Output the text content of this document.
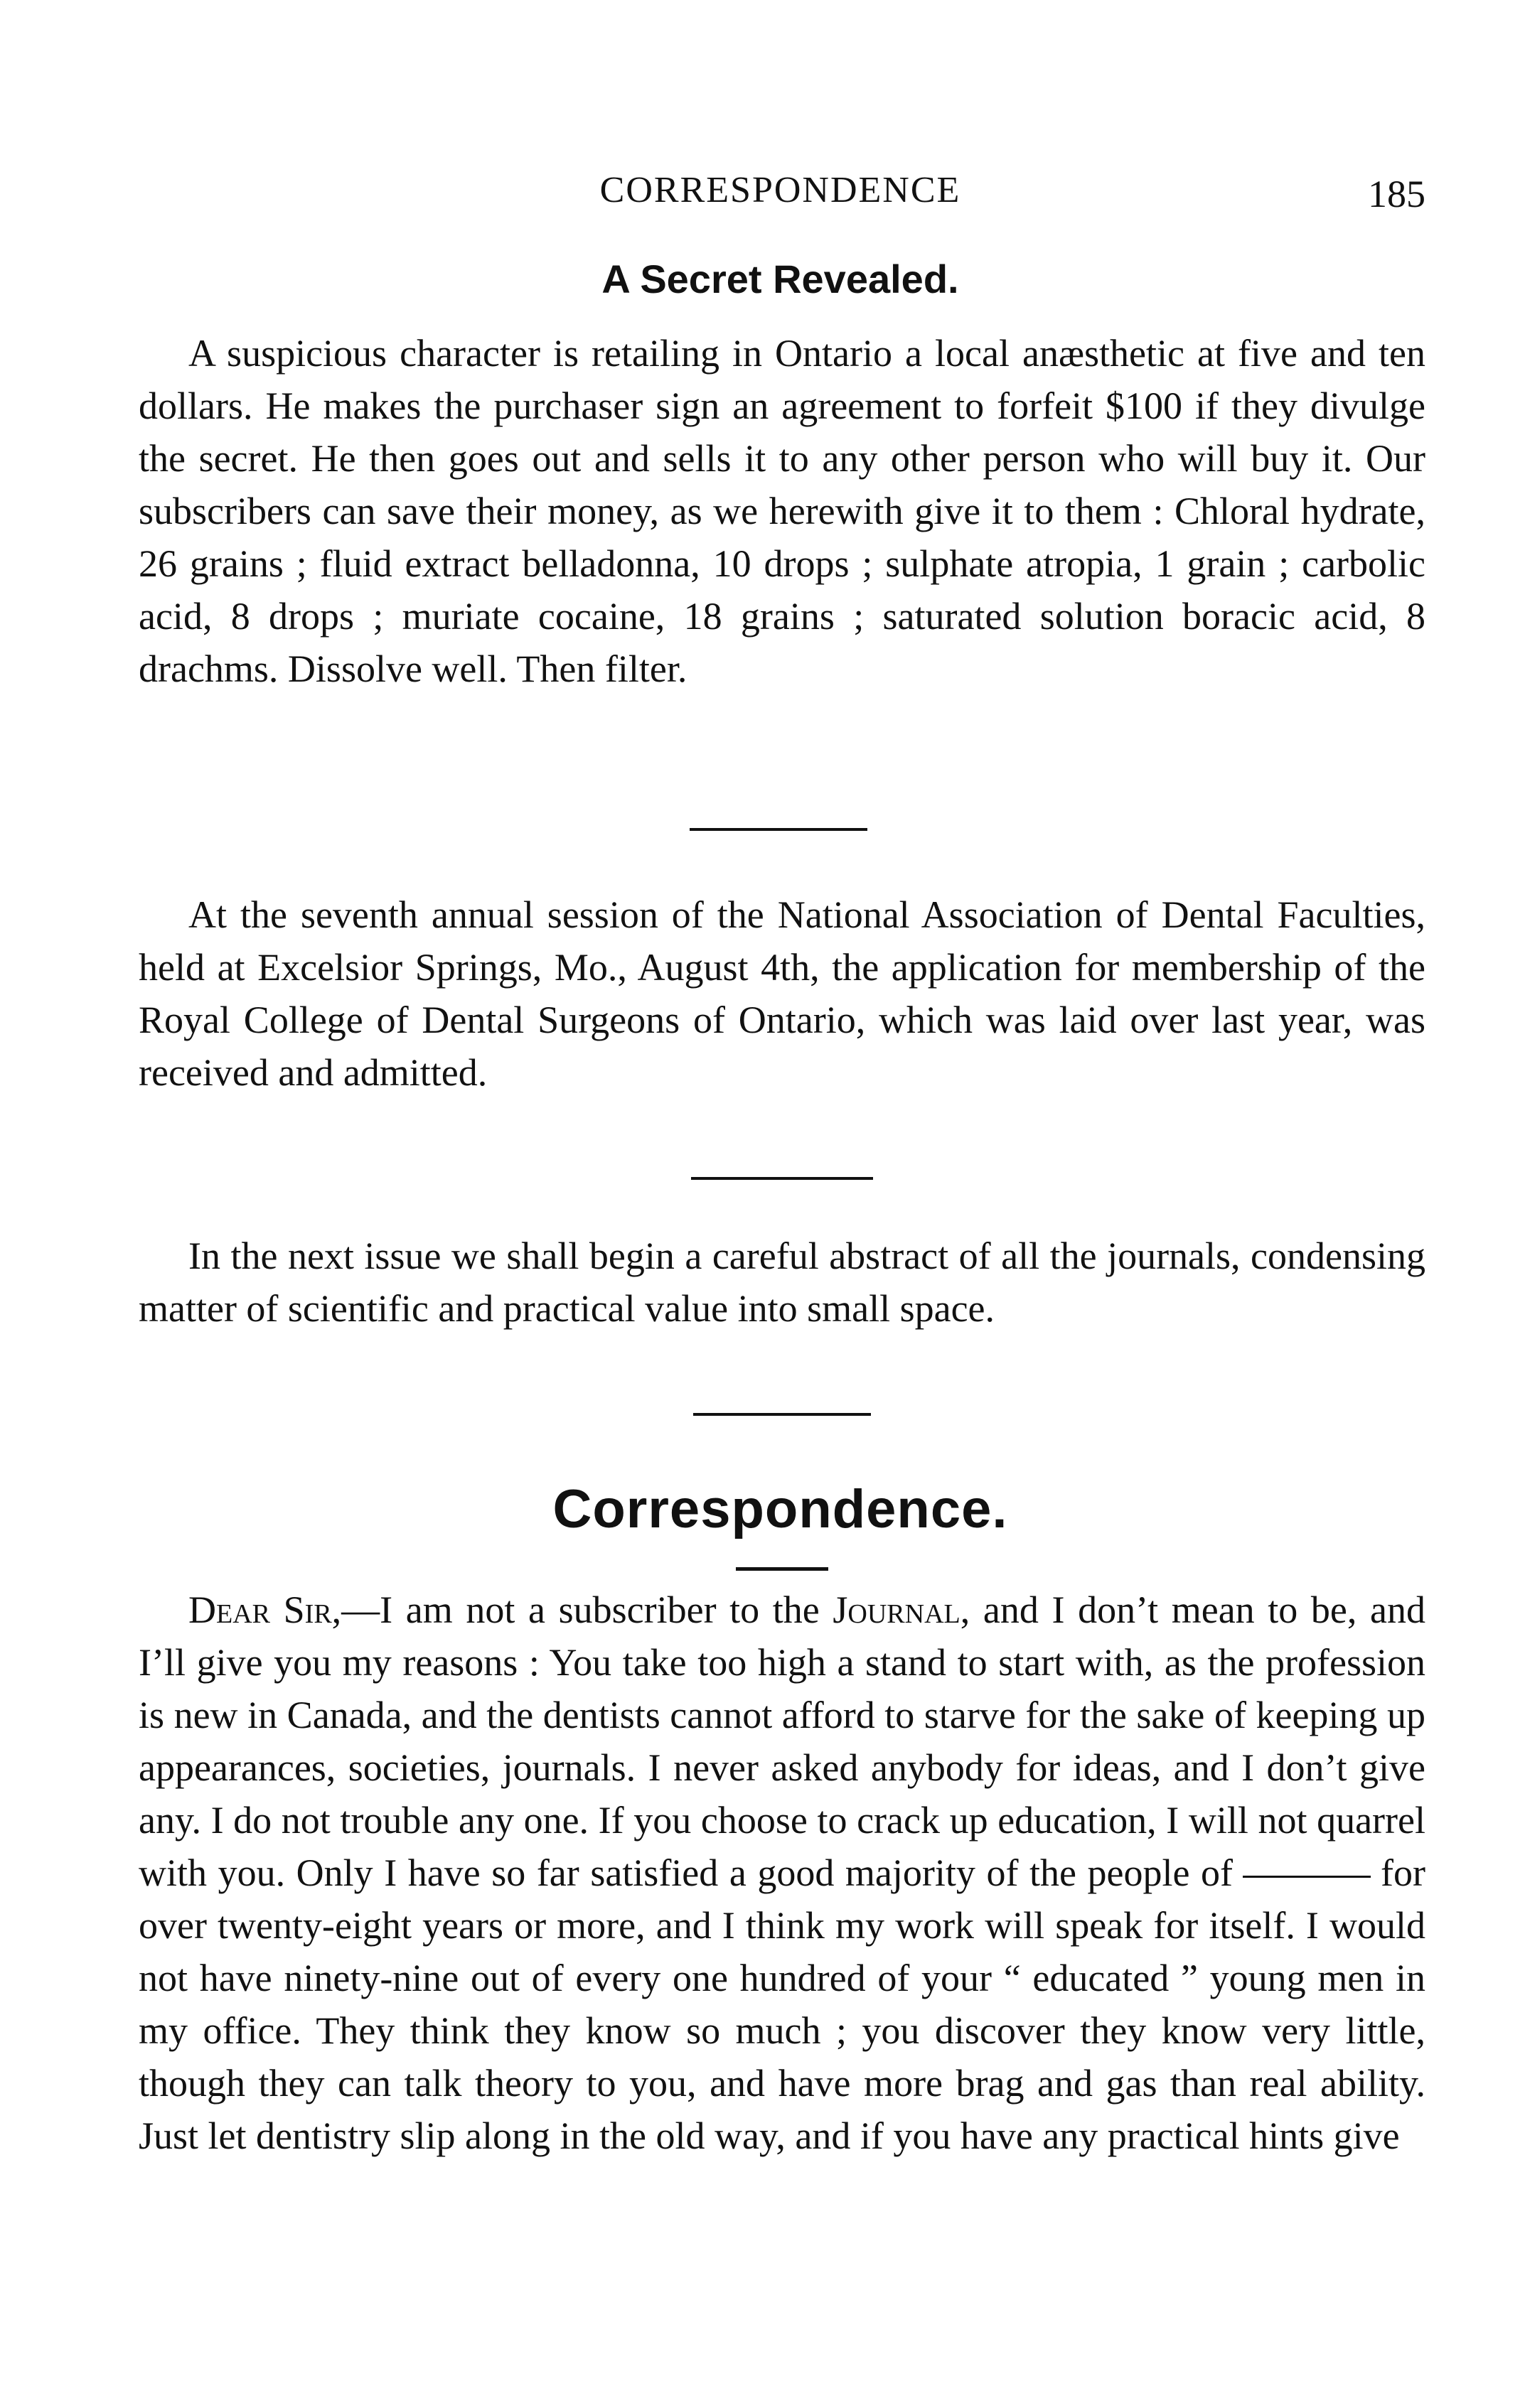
CORRESPONDENCE	185
A Secret Revealed.

A suspicious character is retailing in Ontario a local anæsthetic at five and ten dollars. He makes the purchaser sign an agreement to forfeit $100 if they divulge the secret. He then goes out and sells it to any other person who will buy it. Our subscribers can save their money, as we herewith give it to them : Chloral hydrate, 26 grains ; fluid extract belladonna, 10 drops ; sulphate atropia, 1 grain ; carbolic acid, 8 drops ; muriate cocaine, 18 grains ; saturated solution boracic acid, 8 drachms. Dissolve well. Then filter.

At the seventh annual session of the National Association of Dental Faculties, held at Excelsior Springs, Mo., August 4th, the application for membership of the Royal College of Dental Surgeons of Ontario, which was laid over last year, was received and admitted.

In the next issue we shall begin a careful abstract of all the journals, condensing matter of scientific and practical value into small space.

Correspondence.

Dear Sir,—I am not a subscriber to the Journal, and I don’t mean to be, and I’ll give you my reasons : You take too high a stand to start with, as the profession is new in Canada, and the dentists cannot afford to starve for the sake of keeping up appearances, societies, journals. I never asked anybody for ideas, and I don’t give any. I do not trouble any one. If you choose to crack up education, I will not quarrel with you. Only I have so far satisfied a good majority of the people of	for over twenty-eight years or more, and I think my work will speak for itself. I would not have ninety-nine out of every one hundred of your “ educated ” young men in my office. They think they know so much ; you discover they know very little, though they can talk theory to you, and have more brag and gas than real ability. Just let dentistry slip along in the old way, and if you have any practical hints give
